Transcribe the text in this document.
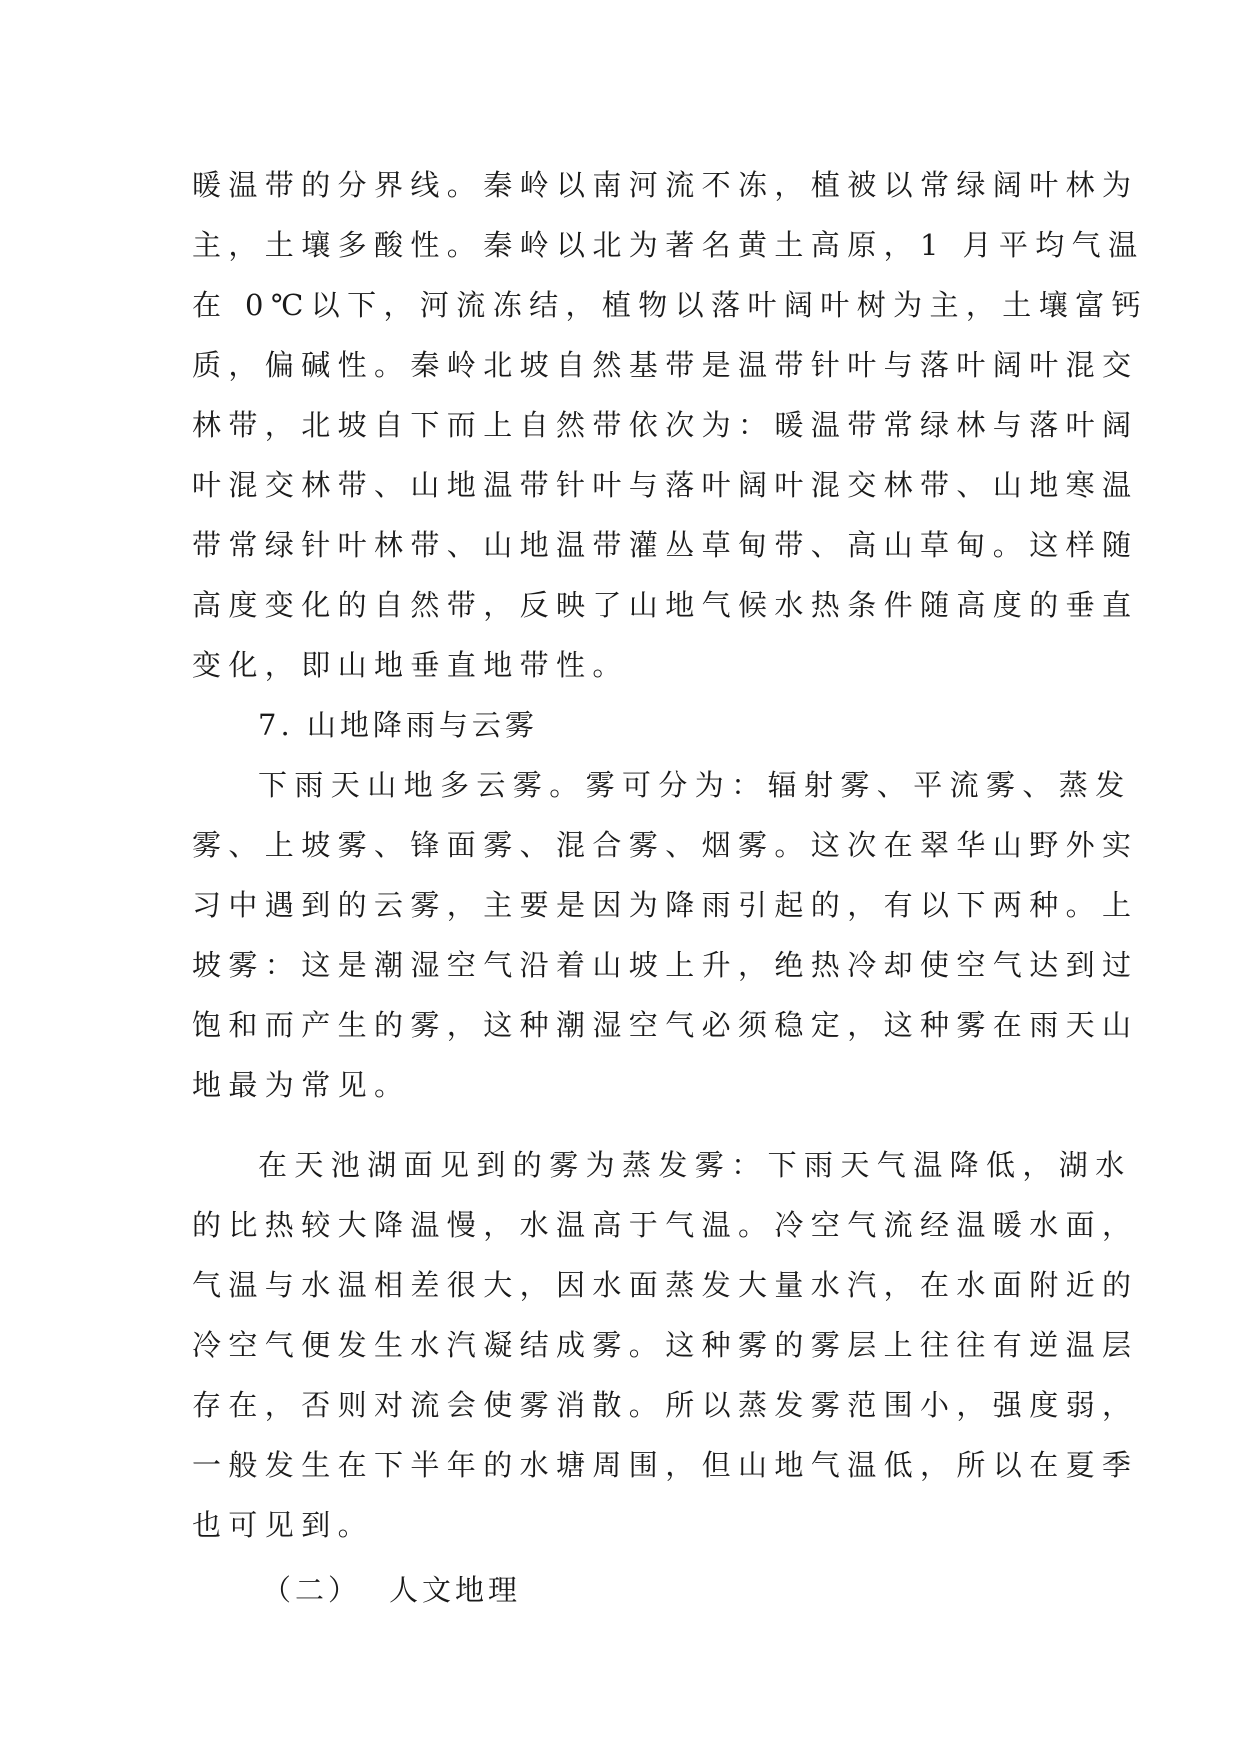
暖温带的分界线。秦岭以南河流不冻，植被以常绿阔叶林为
主，土壤多酸性。秦岭以北为著名黄土高原，1 月平均气温
在 0℃以下，河流冻结，植物以落叶阔叶树为主，土壤富钙
质，偏碱性。秦岭北坡自然基带是温带针叶与落叶阔叶混交
林带，北坡自下而上自然带依次为：暖温带常绿林与落叶阔
叶混交林带、山地温带针叶与落叶阔叶混交林带、山地寒温
带常绿针叶林带、山地温带灌丛草甸带、高山草甸。这样随
高度变化的自然带，反映了山地气候水热条件随高度的垂直
变化，即山地垂直地带性。
7. 山地降雨与云雾
下雨天山地多云雾。雾可分为：辐射雾、平流雾、蒸发
雾、上坡雾、锋面雾、混合雾、烟雾。这次在翠华山野外实
习中遇到的云雾，主要是因为降雨引起的，有以下两种。上
坡雾：这是潮湿空气沿着山坡上升，绝热冷却使空气达到过
饱和而产生的雾，这种潮湿空气必须稳定，这种雾在雨天山
地最为常见。
在天池湖面见到的雾为蒸发雾：下雨天气温降低，湖水
的比热较大降温慢，水温高于气温。冷空气流经温暖水面，
气温与水温相差很大，因水面蒸发大量水汽，在水面附近的
冷空气便发生水汽凝结成雾。这种雾的雾层上往往有逆温层
存在，否则对流会使雾消散。所以蒸发雾范围小，强度弱，
一般发生在下半年的水塘周围，但山地气温低，所以在夏季
也可见到。
（二） 人文地理
